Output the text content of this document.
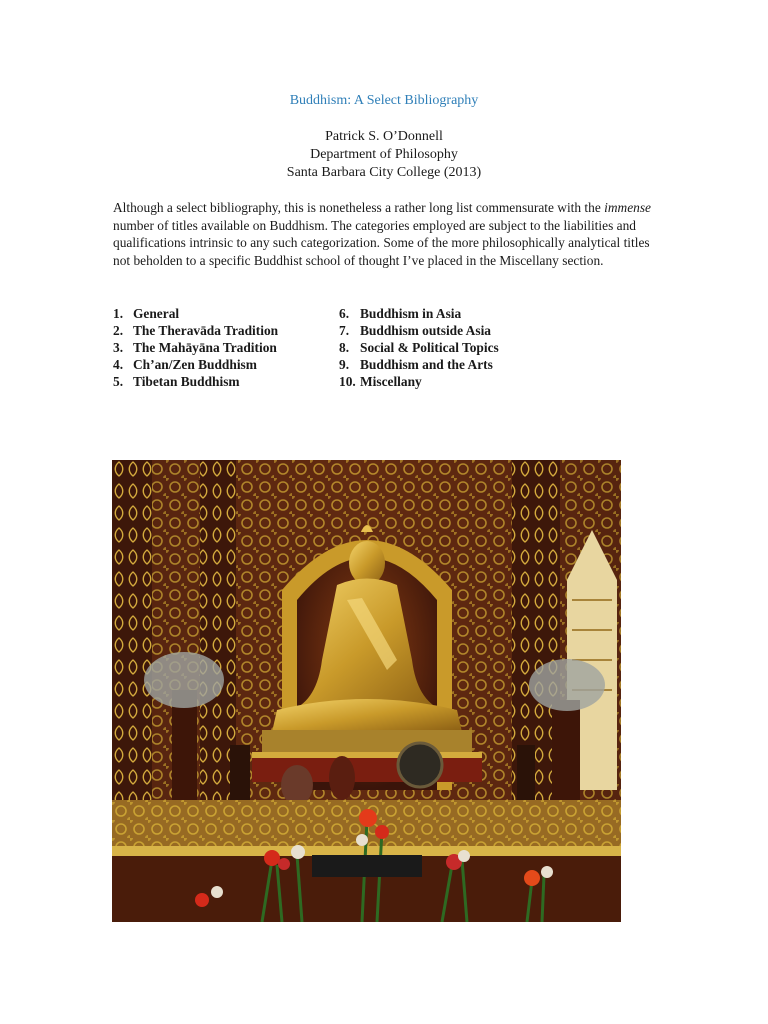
Buddhism: A Select Bibliography
Patrick S. O’Donnell
Department of Philosophy
Santa Barbara City College (2013)

Although a select bibliography, this is nonetheless a rather long list commensurate with the immense number of titles available on Buddhism. The categories employed are subject to the liabilities and qualifications intrinsic to any such categorization. Some of the more philosophically analytical titles not beholden to a specific Buddhist school of thought I’ve placed in the Miscellany section.

1. General
2. The Theravāda Tradition
3. The Mahāyāna Tradition
4. Ch’an/Zen Buddhism
5. Tibetan Buddhism
6. Buddhism in Asia
7. Buddhism outside Asia
8. Social & Political Topics
9. Buddhism and the Arts
10. Miscellany
